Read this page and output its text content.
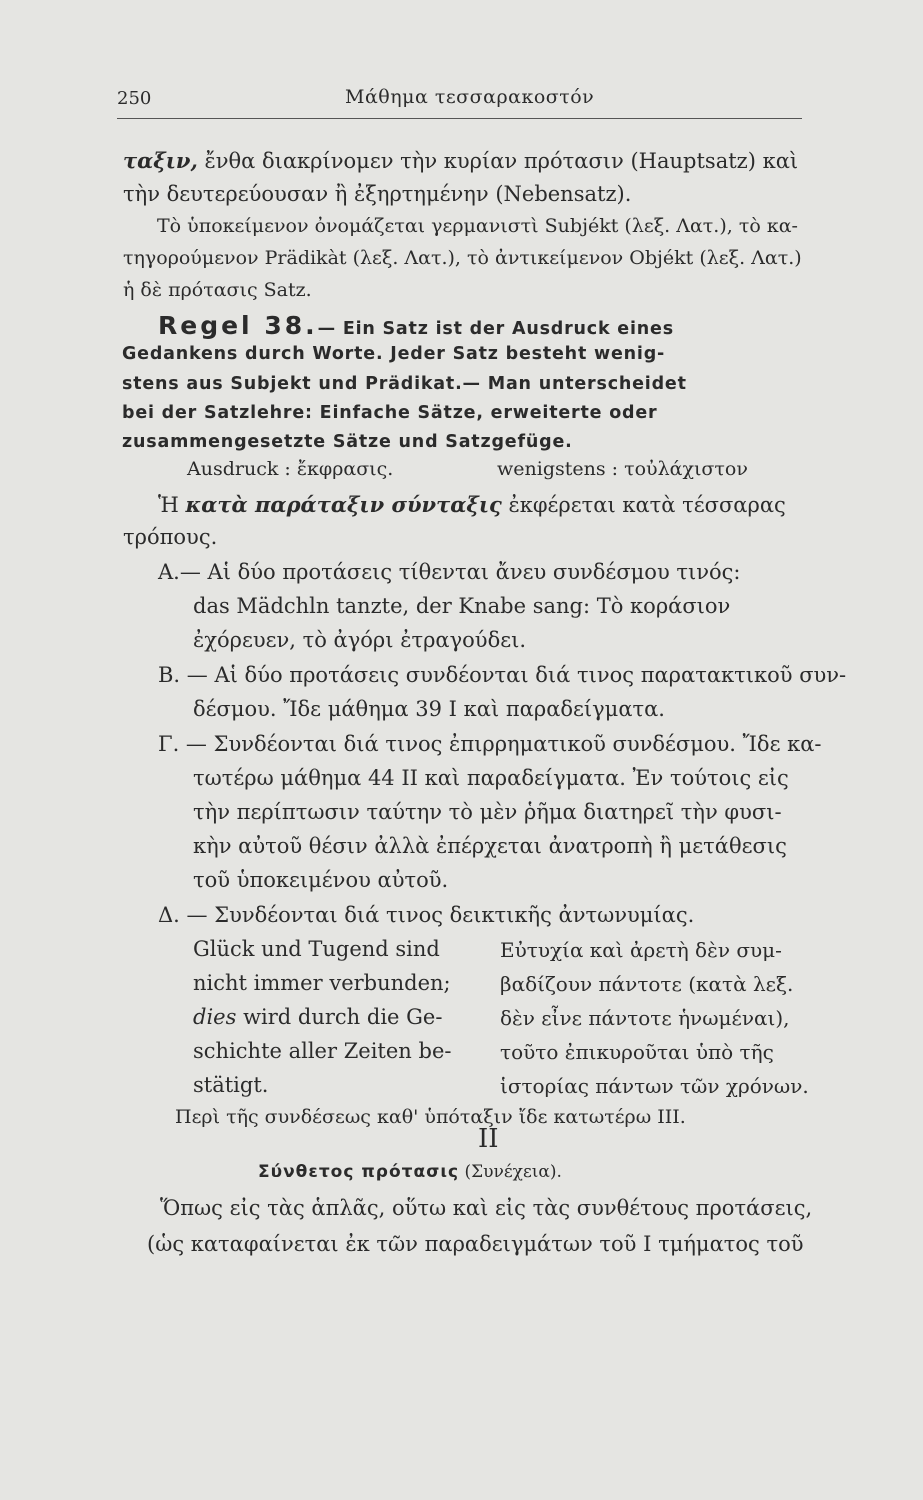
250	Μάθημα τεσσαρακοστόν
ταξιν, ἔνθα διακρίνομεν τὴν κυρίαν πρότασιν (Hauptsatz) καὶ
τὴν δευτερεύουσαν ἢ ἐξηρτημένην (Nebensatz).
Τὸ ὑποκείμενον ὀνομάζεται γερμανιστὶ Subjékt (λεξ. Λατ.), τὸ κα-
τηγορούμενον Prädikàt (λεξ. Λατ.), τὸ ἀντικείμενον Objékt (λεξ. Λατ.)
ἡ δὲ πρότασις Satz.
Regel 38.— Ein Satz ist der Ausdruck eines
Gedankens durch Worte. Jeder Satz besteht wenig-
stens aus Subjekt und Prädikat.— Man unterscheidet
bei der Satzlehre: Einfache Sätze, erweiterte oder
zusammengesetzte Sätze und Satzgefüge.
Ausdruck : ἔκφρασις.	wenigstens : τοὐλάχιστον
Ἡ κατὰ παράταξιν σύνταξις ἐκφέρεται κατὰ τέσσαρας
τρόπους.
A.— Αἱ δύο προτάσεις τίθενται ἄνευ συνδέσμου τινός:
das Mädchln tanzte, der Knabe sang: Τὸ κοράσιον
ἐχόρευεν, τὸ ἀγόρι ἐτραγούδει.
B. — Αἱ δύο προτάσεις συνδέονται διά τινος παρατακτικοῦ συν-
δέσμου. Ἴδε μάθημα 39 I καὶ παραδείγματα.
Γ. — Συνδέονται διά τινος ἐπιρρηματικοῦ συνδέσμου. Ἴδε κα-
τωτέρω μάθημα 44 II καὶ παραδείγματα. Ἐν τούτοις εἰς
τὴν περίπτωσιν ταύτην τὸ μὲν ῥῆμα διατηρεῖ τὴν φυσι-
κὴν αὐτοῦ θέσιν ἀλλὰ ἐπέρχεται ἀνατροπὴ ἢ μετάθεσις
τοῦ ὑποκειμένου αὐτοῦ.
Δ. — Συνδέονται διά τινος δεικτικῆς ἀντωνυμίας.
Glück und Tugend sind
nicht immer verbunden;
dies wird durch die Ge-
schichte aller Zeiten be-
stätigt.
Εὐτυχία καὶ ἀρετὴ δὲν συμ-
βαδίζουν πάντοτε (κατὰ λεξ.
δὲν εἶνε πάντοτε ἡνωμέναι),
τοῦτο ἐπικυροῦται ὑπὸ τῆς
ἱστορίας πάντων τῶν χρόνων.
Περὶ τῆς συνδέσεως καθ' ὑπόταξιν ἴδε κατωτέρω III.
II
Σύνθετος πρότασις (Συνέχεια).
Ὅπως εἰς τὰς ἁπλᾶς, οὕτω καὶ εἰς τὰς συνθέτους προτάσεις,
(ὡς καταφαίνεται ἐκ τῶν παραδειγμάτων τοῦ I τμήματος τοῦ
